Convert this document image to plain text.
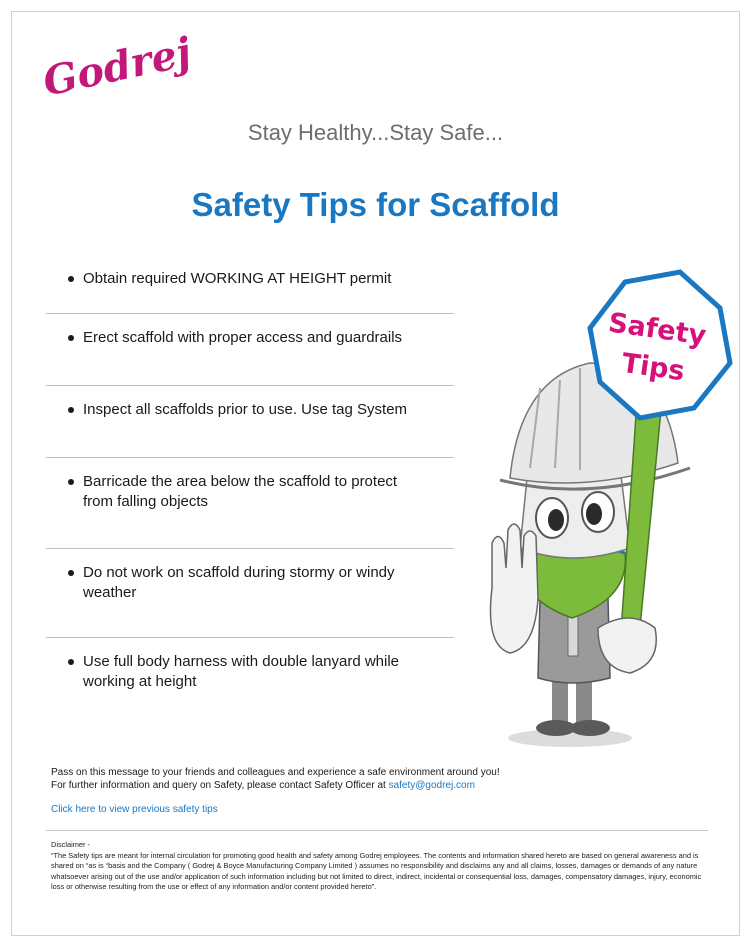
Godrej
Stay Healthy...Stay Safe...
Safety Tips for Scaffold
Obtain required WORKING AT HEIGHT permit
Erect scaffold with proper access and guardrails
Inspect all scaffolds prior to use. Use tag System
Barricade the area below the scaffold to protect
from falling objects
Do not work on scaffold during stormy or windy
weather
Use full body harness with double lanyard while
working at height
Safety
Tips
Pass on this message to your friends and colleagues and experience a safe environment around you!
For further information and query on Safety, please contact Safety Officer at safety@godrej.com
Click here to view previous safety tips
Disclaimer -
“The Safety tips are meant for internal circulation for promoting good health and safety among Godrej employees. The contents and information shared hereto are based on general awareness and is shared on “as is “basis and the Company ( Godrej & Boyce Manufacturing Company Limited ) assumes no responsibility and disclaims any and all claims, losses, damages or demands of any nature whatsoever arising out of the use and/or application of such information including but not limited to direct, indirect, incidental or consequential loss, damages, compensatory damages, injury, economic loss or otherwise resulting from the use or effect of any information and/or content provided hereto”.
